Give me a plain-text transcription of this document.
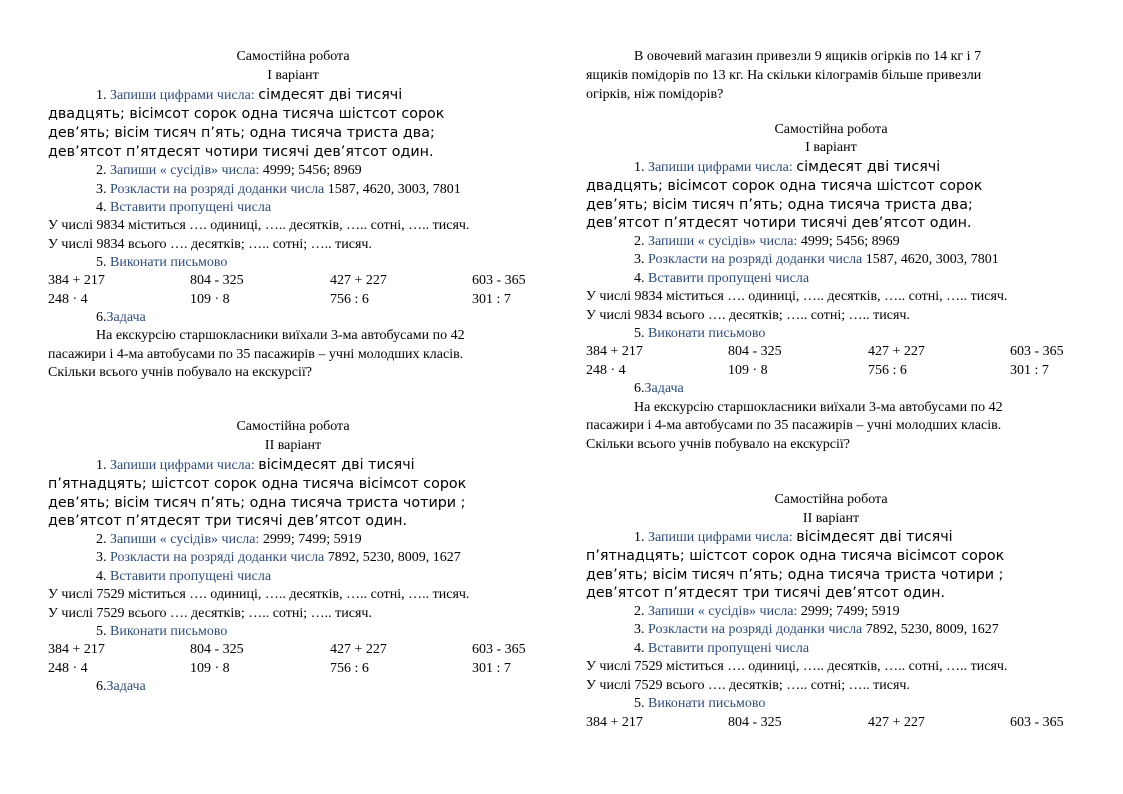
Самостійна робота
І варіант
1. Запиши цифрами числа: сімдесят дві тисячі
двадцять; вісімсот сорок одна тисяча шістсот сорок
дев’ять; вісім тисяч п’ять; одна тисяча триста два;
дев’ятсот п’ятдесят чотири тисячі дев’ятсот один.
2. Запиши « сусідів» числа: 4999; 5456; 8969
3. Розкласти на розряді доданки числа 1587, 4620, 3003, 7801
4. Вставити пропущені числа
У числі 9834 міститься …. одиниці, ….. десятків, ….. сотні, ….. тисяч.
У числі 9834 всього …. десятків; ….. сотні; ….. тисяч.
5. Виконати письмово
384 + 217	804 - 325	427 + 227	603 - 365
248 · 4	109 · 8	756 : 6	301 : 7
6.Задача
На екскурсію старшокласники виїхали 3-ма автобусами по 42
пасажири і 4-ма автобусами по 35 пасажирів – учні молодших класів.
Скільки всього учнів побувало на екскурсії?
Самостійна робота
ІІ варіант
1. Запиши цифрами числа: вісімдесят дві тисячі
п’ятнадцять; шістсот сорок одна тисяча вісімсот сорок
дев’ять; вісім тисяч п’ять; одна тисяча триста чотири ;
дев’ятсот п’ятдесят три тисячі дев’ятсот один.
2. Запиши « сусідів» числа: 2999; 7499; 5919
3. Розкласти на розряді доданки числа 7892, 5230, 8009, 1627
4. Вставити пропущені числа
У числі 7529 міститься …. одиниці, ….. десятків, ….. сотні, ….. тисяч.
У числі 7529 всього …. десятків; ….. сотні; ….. тисяч.
5. Виконати письмово
384 + 217	804 - 325	427 + 227	603 - 365
248 · 4	109 · 8	756 : 6	301 : 7
6.Задача
В овочевий магазин привезли 9 ящиків огірків по 14 кг і 7
ящиків помідорів по 13 кг. На скільки кілограмів більше привезли
огірків, ніж помідорів?
Самостійна робота
І варіант
1. Запиши цифрами числа: сімдесят дві тисячі
двадцять; вісімсот сорок одна тисяча шістсот сорок
дев’ять; вісім тисяч п’ять; одна тисяча триста два;
дев’ятсот п’ятдесят чотири тисячі дев’ятсот один.
2. Запиши « сусідів» числа: 4999; 5456; 8969
3. Розкласти на розряді доданки числа 1587, 4620, 3003, 7801
4. Вставити пропущені числа
У числі 9834 міститься …. одиниці, ….. десятків, ….. сотні, ….. тисяч.
У числі 9834 всього …. десятків; ….. сотні; ….. тисяч.
5. Виконати письмово
384 + 217	804 - 325	427 + 227	603 - 365
248 · 4	109 · 8	756 : 6	301 : 7
6.Задача
На екскурсію старшокласники виїхали 3-ма автобусами по 42
пасажири і 4-ма автобусами по 35 пасажирів – учні молодших класів.
Скільки всього учнів побувало на екскурсії?
Самостійна робота
ІІ варіант
1. Запиши цифрами числа: вісімдесят дві тисячі
п’ятнадцять; шістсот сорок одна тисяча вісімсот сорок
дев’ять; вісім тисяч п’ять; одна тисяча триста чотири ;
дев’ятсот п’ятдесят три тисячі дев’ятсот один.
2. Запиши « сусідів» числа: 2999; 7499; 5919
3. Розкласти на розряді доданки числа 7892, 5230, 8009, 1627
4. Вставити пропущені числа
У числі 7529 міститься …. одиниці, ….. десятків, ….. сотні, ….. тисяч.
У числі 7529 всього …. десятків; ….. сотні; ….. тисяч.
5. Виконати письмово
384 + 217	804 - 325	427 + 227	603 - 365
